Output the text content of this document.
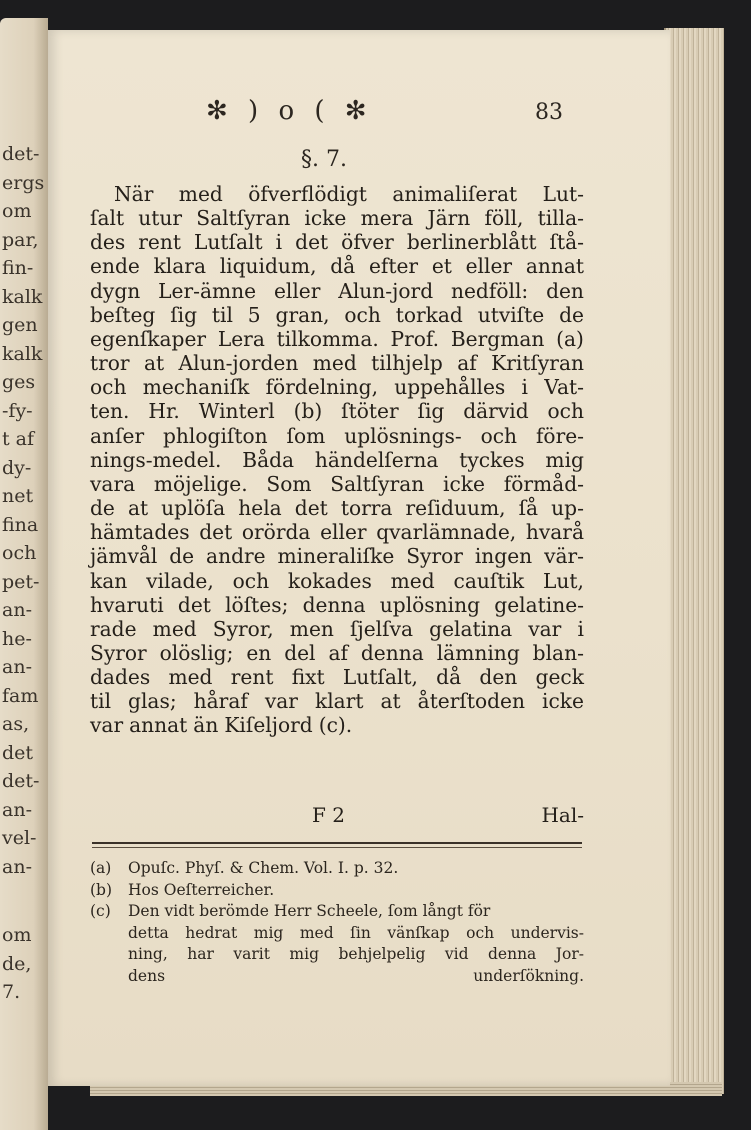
det-
ergs
om
par,
fin-
kalk
gen
kalk
ges
-fy-
t af
dy-
net
fina
och
pet-
an-
he-
an-
fam
as,
det
det-
an-
vel-
an-
om
de,
7.
✻ ) o ( ✻	83
§. 7.
När med öfverflödigt animaliſerat Lut-
ſalt utur Saltſyran icke mera Järn föll, tilla-
des rent Lutſalt i det öfver berlinerblått ſtå-
ende klara liquidum, då efter et eller annat
dygn Ler-ämne eller Alun-jord nedföll: den
beſteg ſig til 5 gran, och torkad utviſte de
egenſkaper Lera tilkomma. Prof. Bergman (a)
tror at Alun-jorden med tilhjelp af Kritſyran
och mechaniſk fördelning, uppehålles i Vat-
ten. Hr. Winterl (b) ſtöter ſig därvid och
anſer phlogiſton ſom uplösnings- och före-
nings-medel. Båda händelſerna tyckes mig
vara möjelige. Som Saltſyran icke förmåd-
de at uplöſa hela det torra reſiduum, ſå up-
hämtades det orörda eller qvarlämnade, hvarå
jämvål de andre mineraliſke Syror ingen vär-
kan vilade, och kokades med cauſtik Lut,
hvaruti det löſtes; denna uplösning gelatine-
rade med Syror, men ſjelſva gelatina var i
Syror olöslig; en del af denna lämning blan-
dades med rent fixt Lutſalt, då den geck
til glas; håraf var klart at återſtoden icke
var annat än Kiſeljord (c).
F 2	Hal-
(a)	Opuſc. Phyſ. & Chem. Vol. I. p. 32.
(b)	Hos Oeſterreicher.
(c)	Den vidt berömde Herr Scheele, ſom långt för
detta hedrat mig med ſin vänſkap och undervis-
ning, har varit mig behjelpelig vid denna Jor-
dens	underſökning.
